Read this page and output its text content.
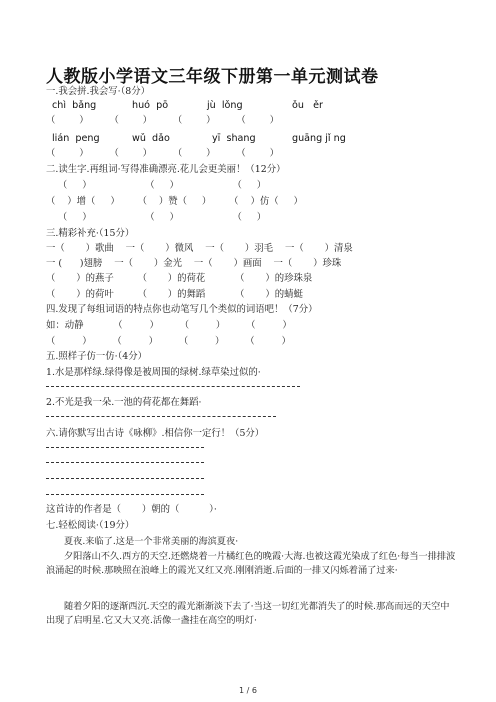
人教版小学语文三年级下册第一单元测试卷
一.我会拼.我会写·（8分）
chì  bǎng	huó  pō	jù  lǒng	ǒu   ěr
（        ）       （        ）       （        ）       （        ）
lián  peng	wǔ  dǎo	yī  shang	guāng jǐ ng
（        ）       （        ）       （        ）       （        ）
二.读生字.再组词·写得准确漂亮.花儿会更美丽！（12分）
（     ）                  （     ）                  （     ）
（    ）增（     ）      （    ）赞（     ）      （    ）仿（     ）
（     ）                  （     ）                  （     ）
三.精彩补充·（15分）
一（       ）歌曲    一（       ）微风    一（       ）羽毛    一（       ）清泉
一 (      )翅膀    一（       ）金光    一（       ）画面    一（       ）珍珠
（       ）的燕子        （       ）的荷花          （       ）的珍珠泉
（       ）的荷叶        （       ）的舞蹈          （       ）的蜻蜓
四.发现了每组词语的特点你也动笔写几个类似的词语吧！（7分）
如：动静          （         ）       （         ）       （         ）
（         ）       （         ）       （         ）       （         ）
五.照样子仿一仿·（4分）
1.水是那样绿.绿得像是被周围的绿树.绿草染过似的·
2.不光是我一朵.一池的荷花都在舞蹈·
六.请你默写出古诗《咏柳》.相信你一定行！（5分）
这首诗的作者是（       ）朝的（          ）·
七.轻松阅读·（19分）

夏夜.来临了.这是一个非常美丽的海滨夏夜·

夕阳落山不久.西方的天空.还燃烧着一片橘红色的晚霞·大海.也被这霞光染成了红色·每当一排排波浪涌起的时候.那映照在浪峰上的霞光又红又亮.刚刚消逝.后面的一排又闪烁着涌了过来·

随着夕阳的逐渐西沉.天空的霞光渐渐淡下去了·当这一切红光都消失了的时候.那高而远的天空中出现了启明星.它又大又亮.活像一盏挂在高空的明灯·

1 / 6
